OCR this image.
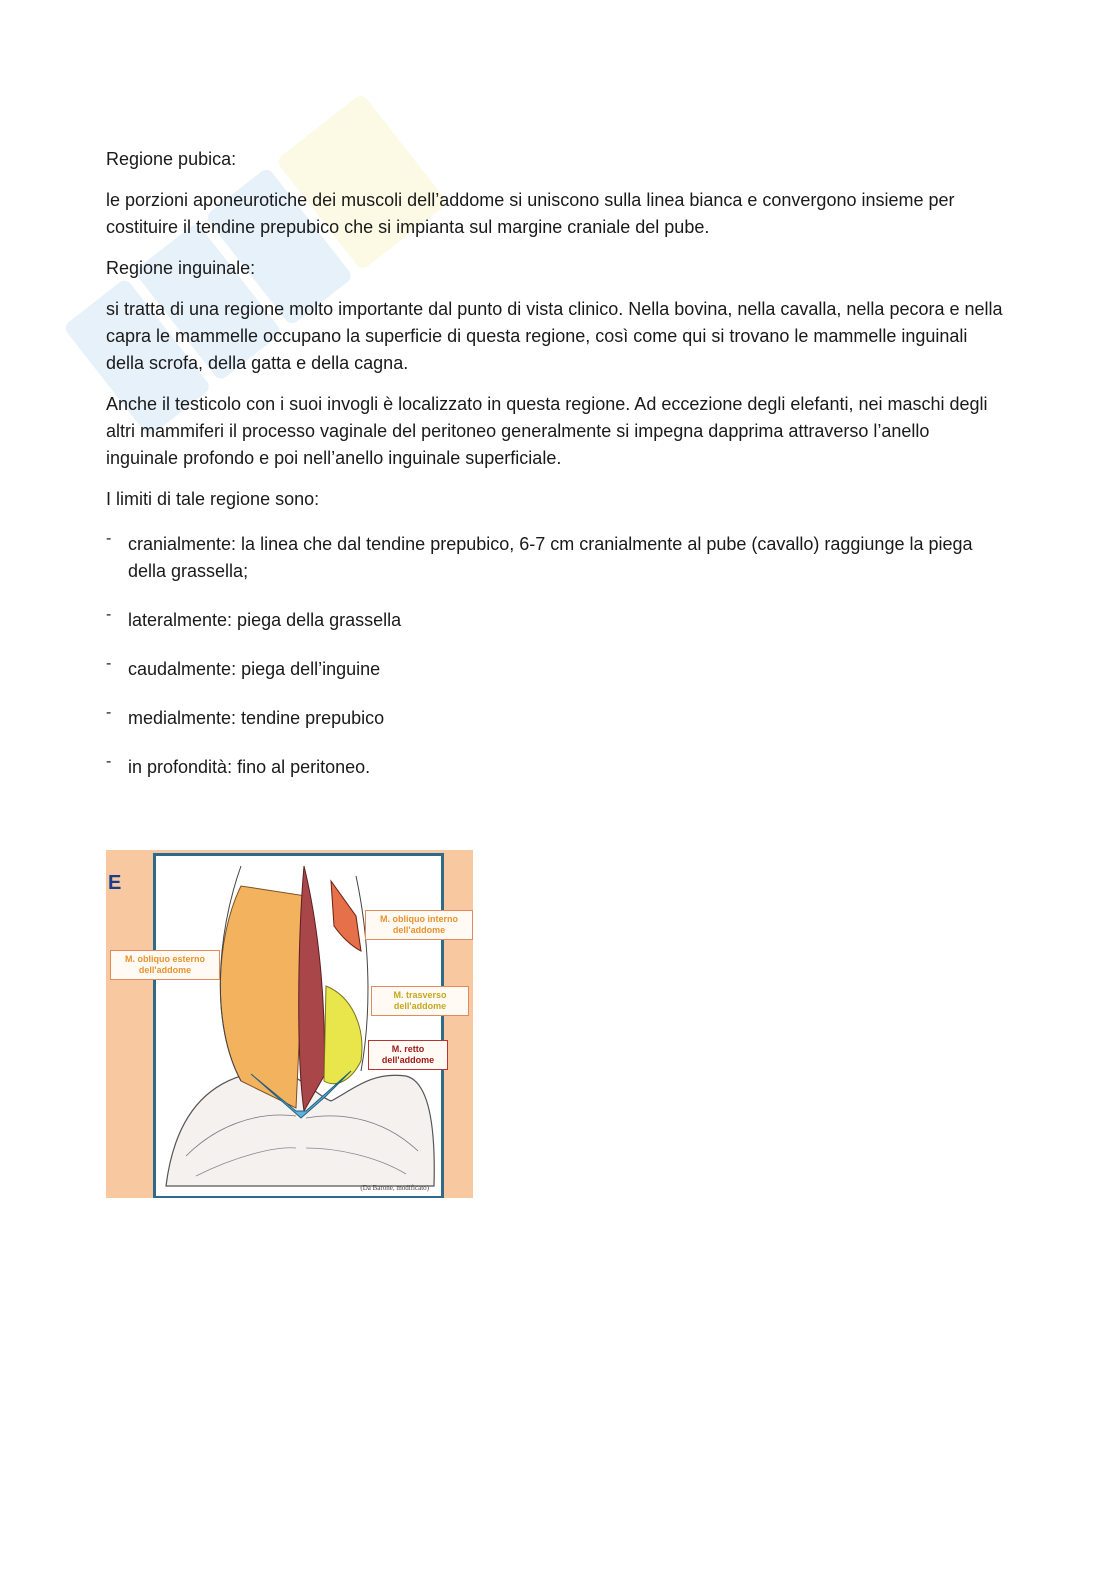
Regione pubica:

le porzioni aponeurotiche dei muscoli dell’addome si uniscono sulla linea bianca e convergono insieme per costituire il tendine prepubico che si impianta sul margine craniale del pube.

Regione inguinale:

si tratta di una regione molto importante dal punto di vista clinico. Nella bovina, nella cavalla, nella pecora e nella capra le mammelle occupano la superficie di questa regione, così come qui si trovano le mammelle inguinali della scrofa, della gatta e della cagna.

Anche il testicolo con i suoi invogli è localizzato in questa regione. Ad eccezione degli elefanti, nei maschi degli altri mammiferi il processo vaginale del peritoneo generalmente si impegna dapprima attraverso l’anello inguinale profondo e poi nell’anello inguinale superficiale.

I limiti di tale regione sono:

- cranialmente: la linea che dal tendine prepubico, 6-7 cm cranialmente al pube (cavallo) raggiunge la piega della grassella;
- lateralmente: piega della grassella
- caudalmente: piega dell’inguine
- medialmente: tendine prepubico
- in profondità: fino al peritoneo.
E
M. obliquo interno dell'addome
M. obliquo esterno dell'addome
M. trasverso dell'addome
M. retto dell'addome
(Da Barone, modificato)
